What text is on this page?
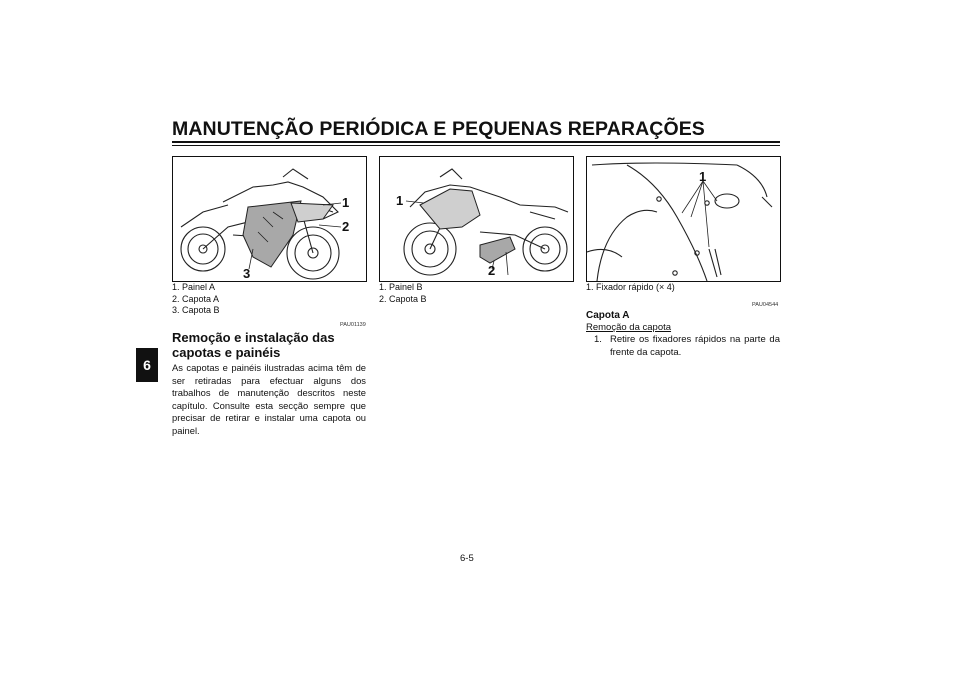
MANUTENÇÃO PERIÓDICA E PEQUENAS REPARAÇÕES
6
1
2
3
1
2
1
1. Painel A
2. Capota A
3. Capota B
1. Painel B
2. Capota B
1. Fixador rápido (× 4)
PAU01139
Remoção e instalação das capotas e painéis
As capotas e painéis ilustradas acima têm de ser retiradas para efectuar alguns dos trabalhos de manutenção descritos neste capítulo. Consulte esta secção sempre que precisar de retirar e instalar uma capota ou painel.
PAU04544
Capota A
Remoção da capota
1. Retire os fixadores rápidos na parte da frente da capota.
6-5
